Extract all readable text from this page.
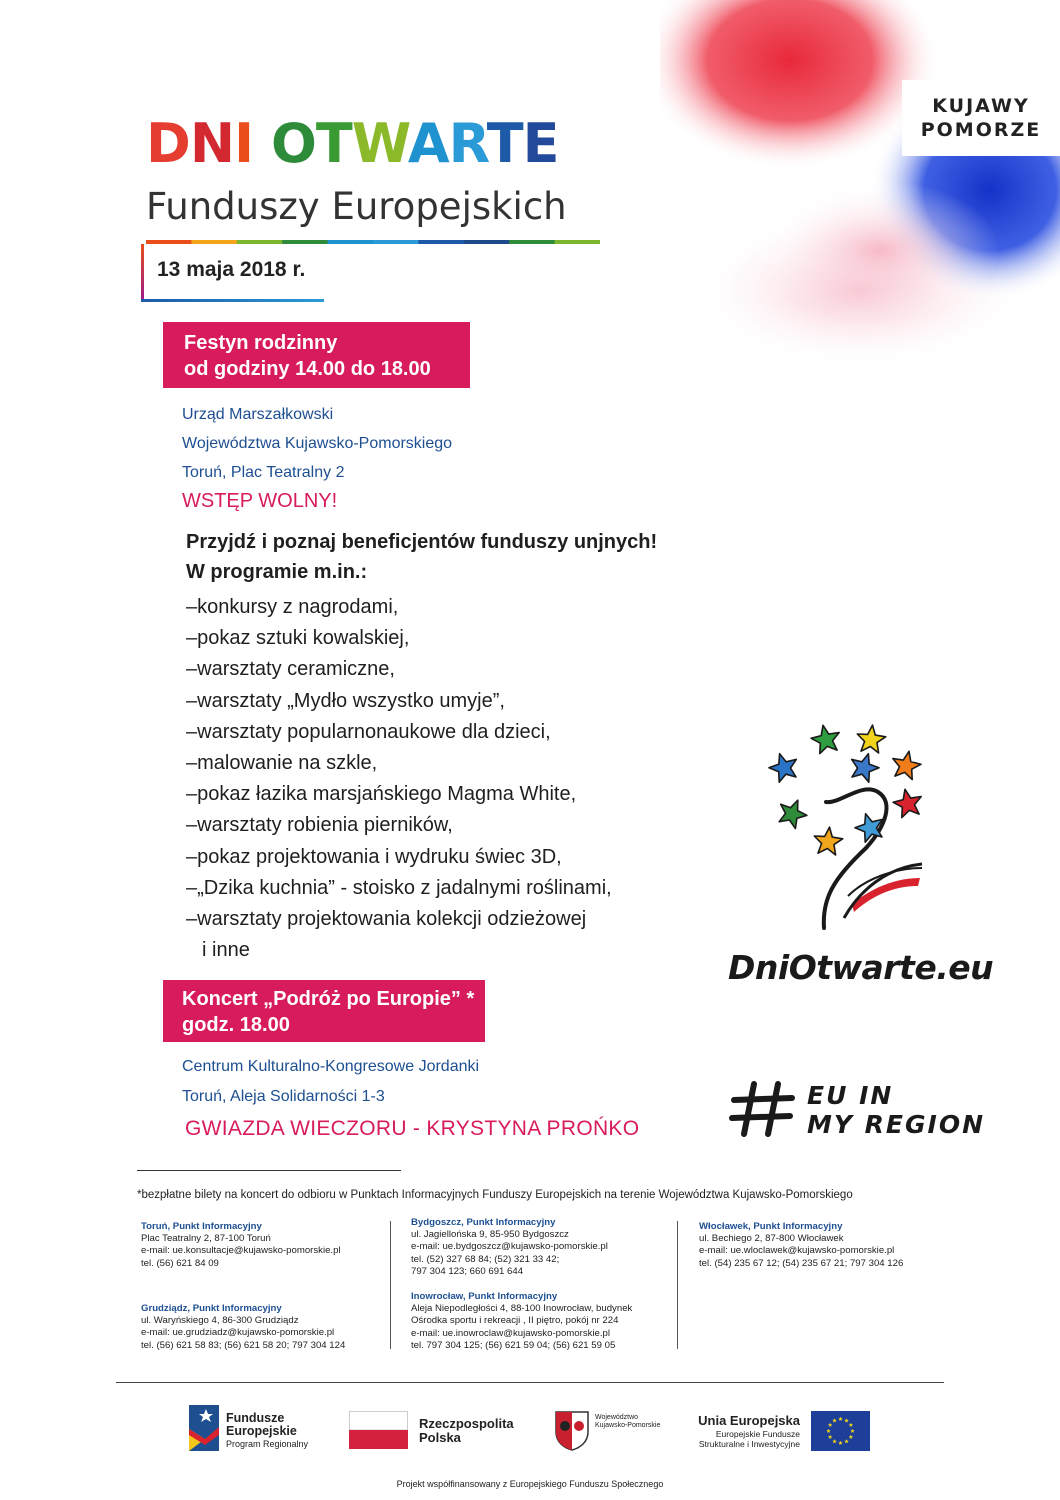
KUJAWY
POMORZE
DNI OTWARTE
Funduszy Europejskich
13 maja 2018 r.
Festyn rodzinny
od godziny 14.00 do 18.00
Urząd Marszałkowski
Województwa Kujawsko-Pomorskiego
Toruń, Plac Teatralny 2
WSTĘP WOLNY!
Przyjdź i poznaj beneficjentów funduszy unjnych!
W programie m.in.:
–konkursy z nagrodami,
–pokaz sztuki kowalskiej,
–warsztaty ceramiczne,
–warsztaty „Mydło wszystko umyje”,
–warsztaty popularnonaukowe dla dzieci,
–malowanie na szkle,
–pokaz łazika marsjańskiego Magma White,
–warsztaty robienia pierników,
–pokaz projektowania i wydruku świec 3D,
–„Dzika kuchnia” - stoisko z jadalnymi roślinami,
–warsztaty projektowania kolekcji odzieżowej
i inne
Koncert „Podróż po Europie” *
godz. 18.00
Centrum Kulturalno-Kongresowe Jordanki
Toruń, Aleja Solidarności 1-3
GWIAZDA WIECZORU - KRYSTYNA PROŃKO
DniOtwarte.eu
EU IN
MY REGION
*bezpłatne bilety na koncert do odbioru w Punktach Informacyjnych Funduszy Europejskich na terenie Województwa Kujawsko-Pomorskiego
Toruń, Punkt Informacyjny
Plac Teatralny 2, 87-100 Toruń
e-mail: ue.konsultacje@kujawsko-pomorskie.pl
tel. (56) 621 84 09
Bydgoszcz, Punkt Informacyjny
ul. Jagiellońska 9, 85-950 Bydgoszcz
e-mail: ue.bydgoszcz@kujawsko-pomorskie.pl
tel. (52) 327 68 84; (52) 321 33 42;
797 304 123; 660 691 644
Włocławek, Punkt Informacyjny
ul. Bechiego 2, 87-800 Włocławek
e-mail: ue.wloclawek@kujawsko-pomorskie.pl
tel. (54) 235 67 12; (54) 235 67 21; 797 304 126
Grudziądz, Punkt Informacyjny
ul. Waryńskiego 4, 86-300 Grudziądz
e-mail: ue.grudziadz@kujawsko-pomorskie.pl
tel. (56) 621 58 83; (56) 621 58 20; 797 304 124
Inowrocław, Punkt Informacyjny
Aleja Niepodległości 4, 88-100 Inowrocław, budynek
Ośrodka sportu i rekreacji , II piętro, pokój nr 224
e-mail: ue.inowroclaw@kujawsko-pomorskie.pl
tel. 797 304 125; (56) 621 59 04; (56) 621 59 05
Fundusze
Europejskie
Program Regionalny
Rzeczpospolita
Polska
Województwo
Kujawsko-Pomorskie	Unia Europejska
Europejskie Fundusze
Strukturalne i Inwestycyjne
Projekt współfinansowany z Europejskiego Funduszu Społecznego
